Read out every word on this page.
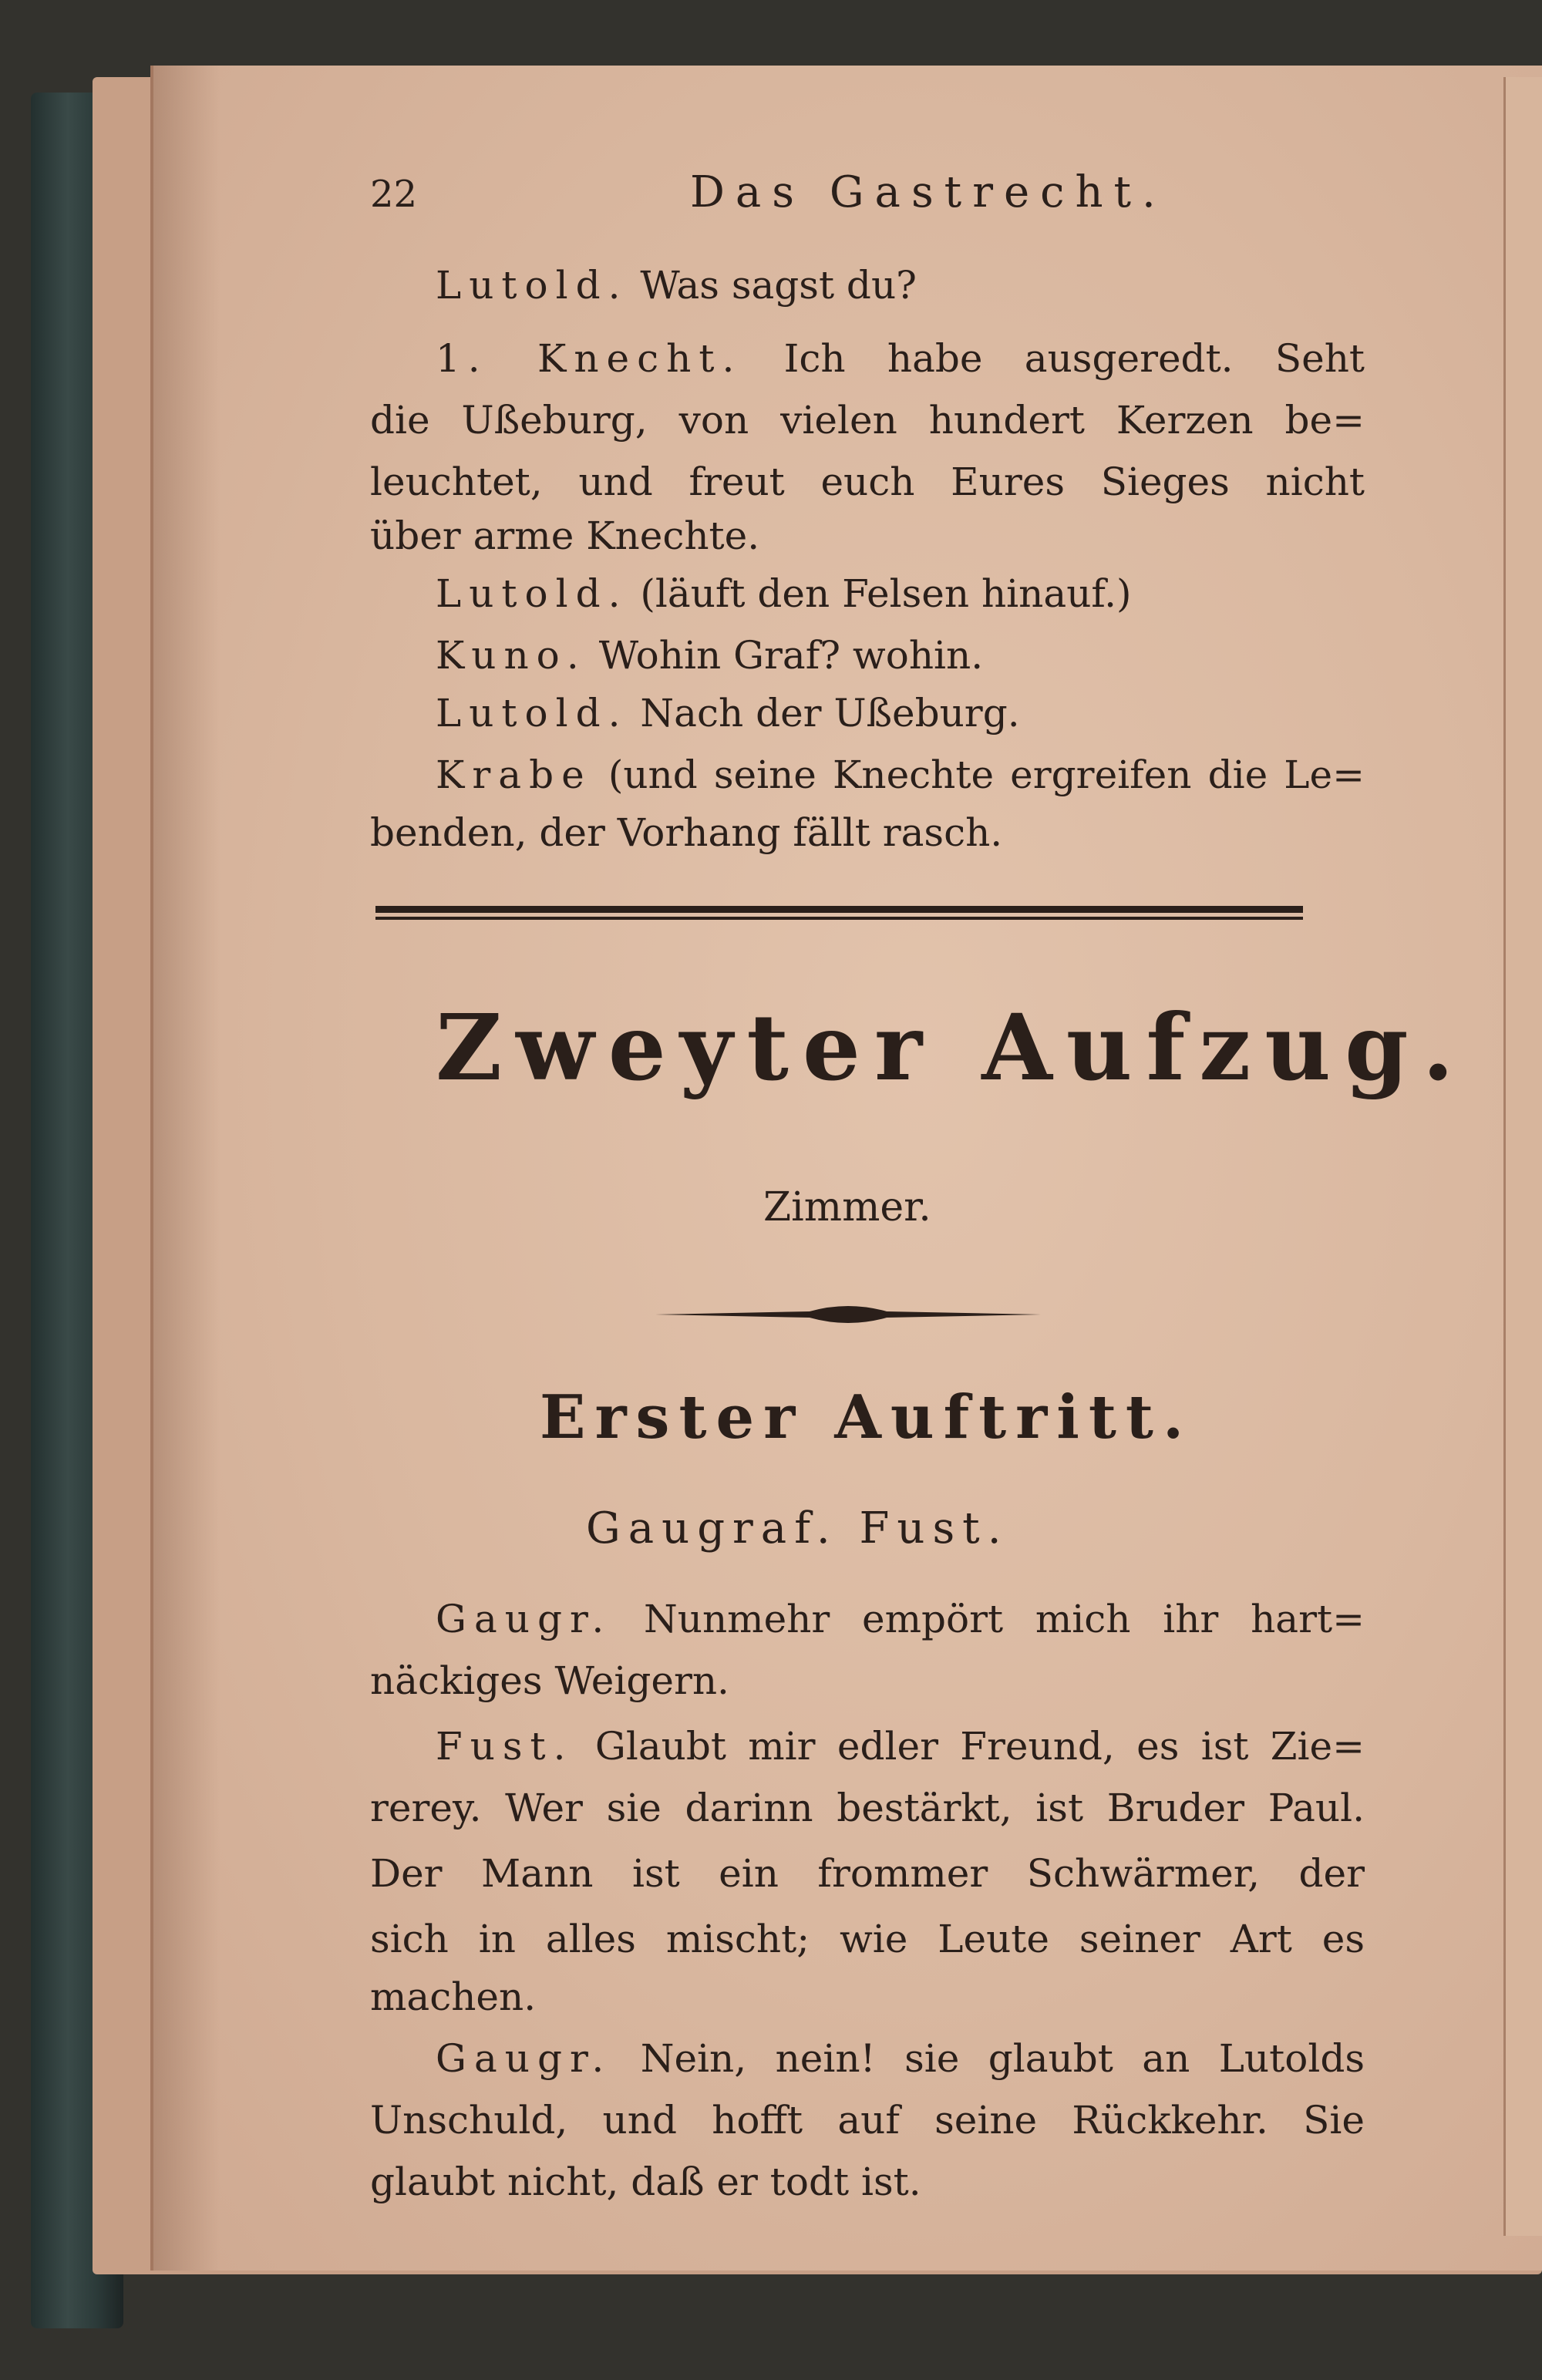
22	Das Gastrecht.
Lutold. Was sagst du?
1. Knecht. Ich habe ausgeredt. Seht
die Ußeburg, von vielen hundert Kerzen be=
leuchtet, und freut euch Eures Sieges nicht
über arme Knechte.
Lutold. (läuft den Felsen hinauf.)
Kuno. Wohin Graf? wohin.
Lutold. Nach der Ußeburg.
Krabe (und seine Knechte ergreifen die Le=
benden, der Vorhang fällt rasch.
Zweyter Aufzug.
Zimmer.
Erster Auftritt.
Gaugraf. Fust.
Gaugr. Nunmehr empört mich ihr hart=
näckiges Weigern.
Fust. Glaubt mir edler Freund, es ist Zie=
rerey. Wer sie darinn bestärkt, ist Bruder Paul.
Der Mann ist ein frommer Schwärmer, der
sich in alles mischt; wie Leute seiner Art es
machen.
Gaugr. Nein, nein! sie glaubt an Lutolds
Unschuld, und hofft auf seine Rückkehr. Sie
glaubt nicht, daß er todt ist.
